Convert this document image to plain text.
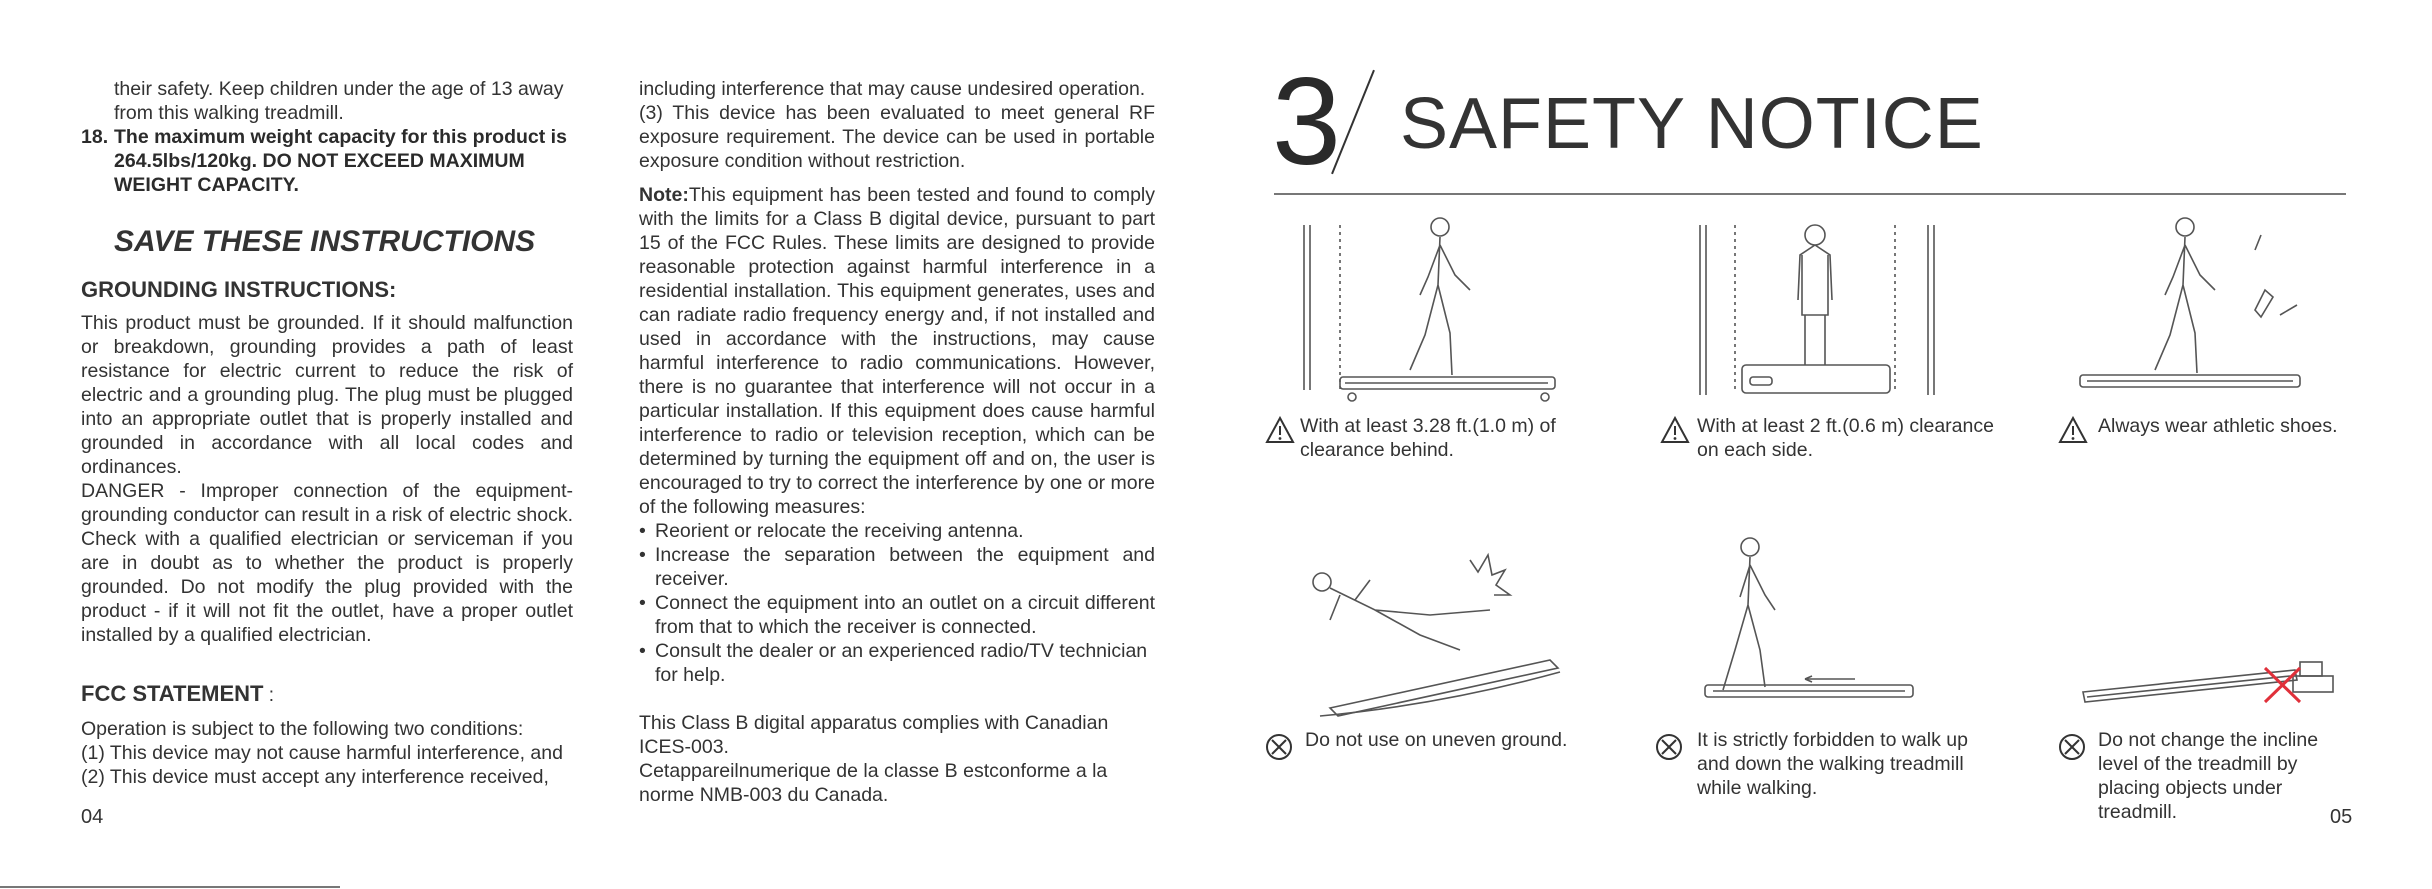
their safety. Keep children under the age of 13 away
from this walking treadmill.
18. The maximum weight capacity for this product is 264.5lbs/120kg. DO NOT EXCEED MAXIMUM WEIGHT CAPACITY.
SAVE THESE INSTRUCTIONS
GROUNDING INSTRUCTIONS:
This product must be grounded. If it should malfunction or breakdown, grounding provides a path of least resistance for electric current to reduce the risk of electric and a grounding plug. The plug must be plugged into an appropriate outlet that is properly installed and grounded in accordance with all local codes and ordinances.
DANGER - Improper connection of the equipment-grounding conductor can result in a risk of electric shock. Check with a qualified electrician or serviceman if you are in doubt as to whether the product is properly grounded. Do not modify the plug provided with the product - if it will not fit the outlet, have a proper outlet installed by a qualified electrician.
FCC STATEMENT :
Operation is subject to the following two conditions:
(1) This device may not cause harmful interference, and
(2) This device must accept any interference received,
04
including interference that may cause undesired operation.
(3) This device has been evaluated to meet general RF exposure requirement. The device can be used in portable exposure condition without restriction.
Note:This equipment has been tested and found to comply with the limits for a Class B digital device, pursuant to part 15 of the FCC Rules. These limits are designed to provide reasonable protection against harmful interference in a residential installation. This equipment generates, uses and can radiate radio frequency energy and, if not installed and used in accordance with the instructions, may cause harmful interference to radio communications. However, there is no guarantee that interference will not occur in a particular installation. If this equipment does cause harmful interference to radio or television reception, which can be determined by turning the equipment off and on, the user is encouraged to try to correct the interference by one or more of the following measures:
• Reorient or relocate the receiving antenna.
• Increase the separation between the equipment and receiver.
• Connect the equipment into an outlet on a circuit different from that to which the receiver is connected.
• Consult the dealer or an experienced radio/TV technician for help.
This Class B digital apparatus complies with Canadian ICES-003.
Cetappareilnumerique de la classe B estconforme a la norme NMB-003 du Canada.
3 SAFETY NOTICE
With at least 3.28 ft.(1.0 m) of clearance behind.
With at least 2 ft.(0.6 m) clearance on each side.
Always wear athletic shoes.
Do not use on uneven ground.	It is strictly forbidden to walk up and down the walking treadmill while walking.
Do not change the incline level of the treadmill by placing objects under treadmill.	05
